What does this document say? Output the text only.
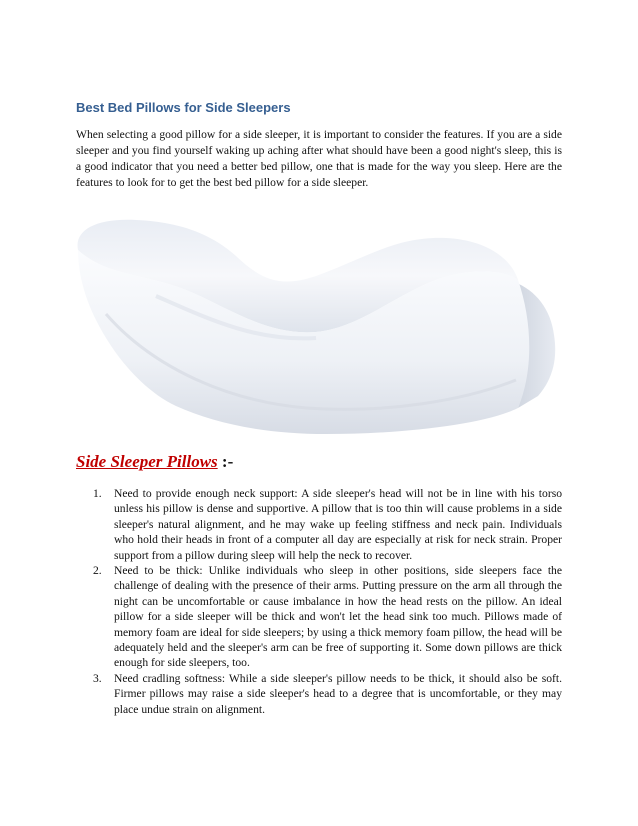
Best Bed Pillows for Side Sleepers

When selecting a good pillow for a side sleeper, it is important to consider the features. If you are a side sleeper and you find yourself waking up aching after what should have been a good night's sleep, this is a good indicator that you need a better bed pillow, one that is made for the way you sleep. Here are the features to look for to get the best bed pillow for a side sleeper.

Side Sleeper Pillows :-
1. Need to provide enough neck support: A side sleeper's head will not be in line with his torso unless his pillow is dense and supportive. A pillow that is too thin will cause problems in a side sleeper's natural alignment, and he may wake up feeling stiffness and neck pain. Individuals who hold their heads in front of a computer all day are especially at risk for neck strain. Proper support from a pillow during sleep will help the neck to recover.
2. Need to be thick: Unlike individuals who sleep in other positions, side sleepers face the challenge of dealing with the presence of their arms. Putting pressure on the arm all through the night can be uncomfortable or cause imbalance in how the head rests on the pillow. An ideal pillow for a side sleeper will be thick and won't let the head sink too much. Pillows made of memory foam are ideal for side sleepers; by using a thick memory foam pillow, the head will be adequately held and the sleeper's arm can be free of supporting it. Some down pillows are thick enough for side sleepers, too.
3. Need cradling softness: While a side sleeper's pillow needs to be thick, it should also be soft. Firmer pillows may raise a side sleeper's head to a degree that is uncomfortable, or they may place undue strain on alignment.
